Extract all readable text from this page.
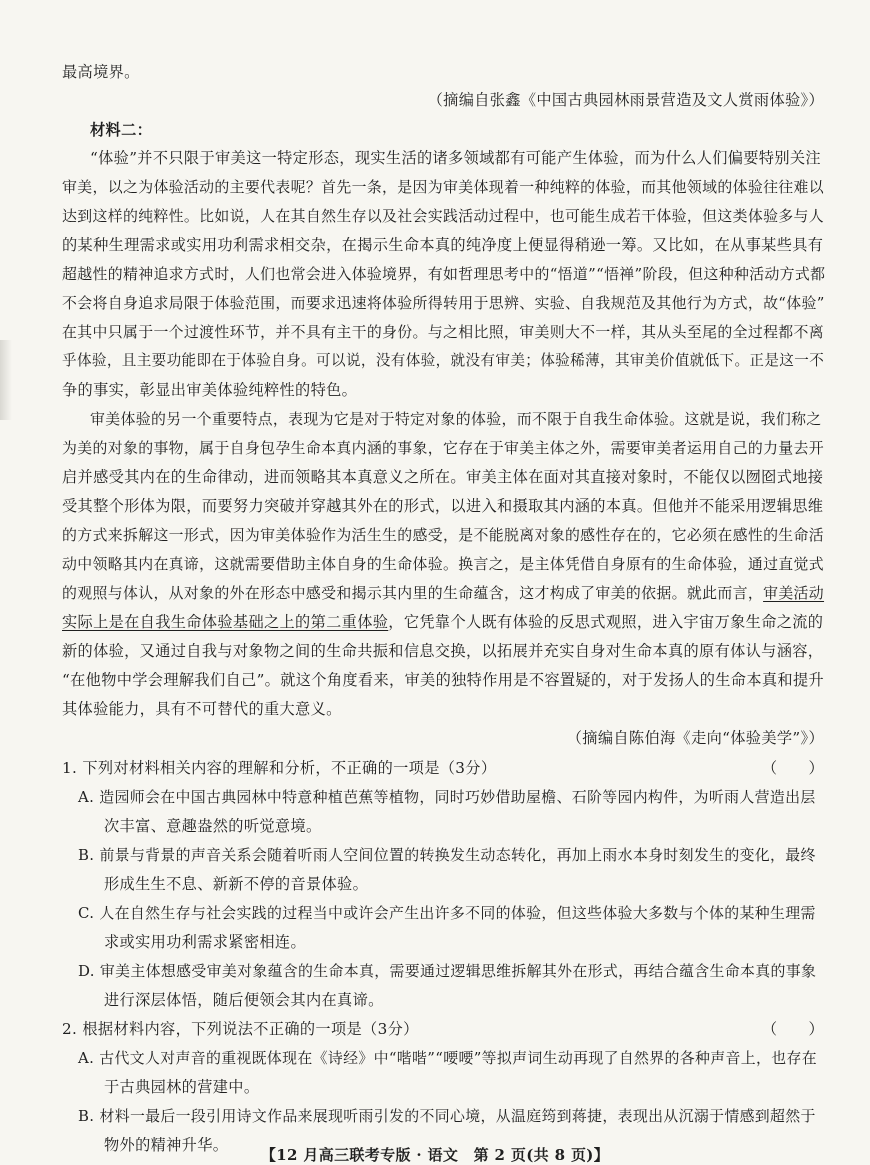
最高境界。
（摘编自张鑫《中国古典园林雨景营造及文人赏雨体验》）
材料二：
“体验”并不只限于审美这一特定形态，现实生活的诸多领域都有可能产生体验，而为什么人们偏要特别关注
审美，以之为体验活动的主要代表呢？首先一条，是因为审美体现着一种纯粹的体验，而其他领域的体验往往难以
达到这样的纯粹性。比如说，人在其自然生存以及社会实践活动过程中，也可能生成若干体验，但这类体验多与人
的某种生理需求或实用功利需求相交杂，在揭示生命本真的纯净度上便显得稍逊一筹。又比如，在从事某些具有
超越性的精神追求方式时，人们也常会进入体验境界，有如哲理思考中的“悟道”“悟禅”阶段，但这种种活动方式都
不会将自身追求局限于体验范围，而要求迅速将体验所得转用于思辨、实验、自我规范及其他行为方式，故“体验”
在其中只属于一个过渡性环节，并不具有主干的身份。与之相比照，审美则大不一样，其从头至尾的全过程都不离
乎体验，且主要功能即在于体验自身。可以说，没有体验，就没有审美；体验稀薄，其审美价值就低下。正是这一不
争的事实，彰显出审美体验纯粹性的特色。
审美体验的另一个重要特点，表现为它是对于特定对象的体验，而不限于自我生命体验。这就是说，我们称之
为美的对象的事物，属于自身包孕生命本真内涵的事象，它存在于审美主体之外，需要审美者运用自己的力量去开
启并感受其内在的生命律动，进而领略其本真意义之所在。审美主体在面对其直接对象时，不能仅以囫囵式地接
受其整个形体为限，而要努力突破并穿越其外在的形式，以进入和摄取其内涵的本真。但他并不能采用逻辑思维
的方式来拆解这一形式，因为审美体验作为活生生的感受，是不能脱离对象的感性存在的，它必须在感性的生命活
动中领略其内在真谛，这就需要借助主体自身的生命体验。换言之，是主体凭借自身原有的生命体验，通过直觉式
的观照与体认，从对象的外在形态中感受和揭示其内里的生命蕴含，这才构成了审美的依据。就此而言，审美活动
实际上是在自我生命体验基础之上的第二重体验，它凭靠个人既有体验的反思式观照，进入宇宙万象生命之流的
新的体验，又通过自我与对象物之间的生命共振和信息交换，以拓展并充实自身对生命本真的原有体认与涵容，
“在他物中学会理解我们自己”。就这个角度看来，审美的独特作用是不容置疑的，对于发扬人的生命本真和提升
其体验能力，具有不可替代的重大意义。
（摘编自陈伯海《走向“体验美学”》）
1. 下列对材料相关内容的理解和分析，不正确的一项是（3分）	（　　）
A. 造园师会在中国古典园林中特意种植芭蕉等植物，同时巧妙借助屋檐、石阶等园内构件，为听雨人营造出层
次丰富、意趣盎然的听觉意境。
B. 前景与背景的声音关系会随着听雨人空间位置的转换发生动态转化，再加上雨水本身时刻发生的变化，最终
形成生生不息、新新不停的音景体验。
C. 人在自然生存与社会实践的过程当中或许会产生出许多不同的体验，但这些体验大多数与个体的某种生理需
求或实用功利需求紧密相连。
D. 审美主体想感受审美对象蕴含的生命本真，需要通过逻辑思维拆解其外在形式，再结合蕴含生命本真的事象
进行深层体悟，随后便领会其内在真谛。
2. 根据材料内容，下列说法不正确的一项是（3分）	（　　）
A. 古代文人对声音的重视既体现在《诗经》中“喈喈”“喓喓”等拟声词生动再现了自然界的各种声音上，也存在
于古典园林的营建中。
B. 材料一最后一段引用诗文作品来展现听雨引发的不同心境，从温庭筠到蒋捷，表现出从沉溺于情感到超然于
物外的精神升华。
【12 月高三联考专版 · 语文　第 2 页(共 8 页)】
